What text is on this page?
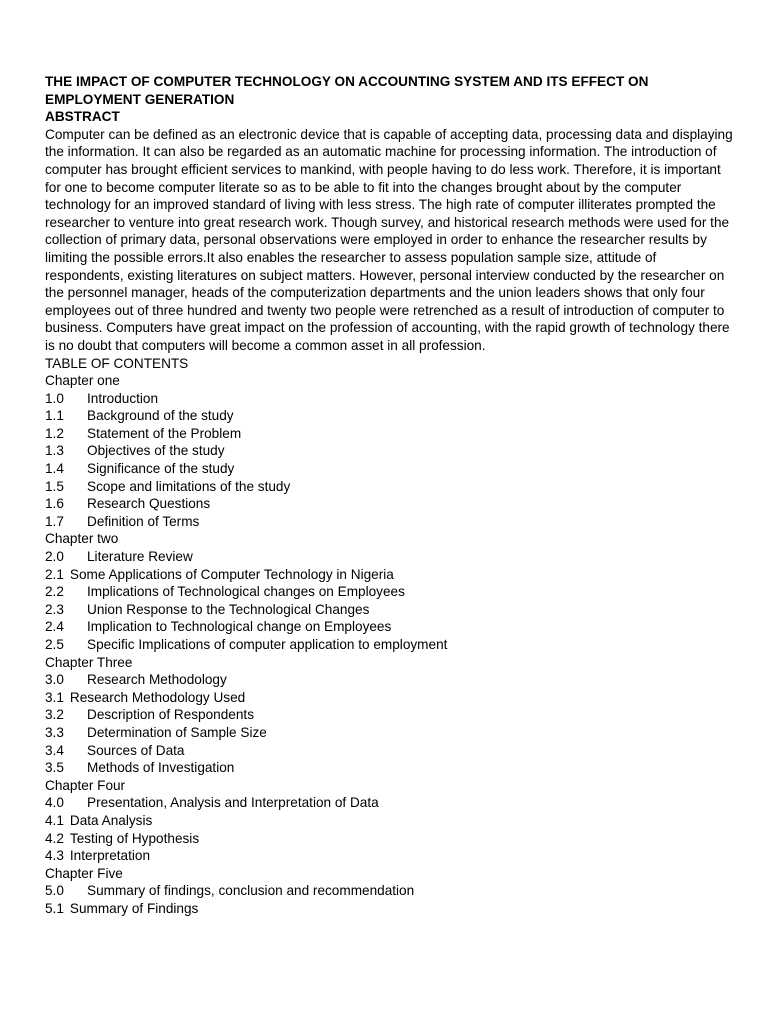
THE IMPACT OF COMPUTER TECHNOLOGY ON ACCOUNTING SYSTEM AND ITS EFFECT ON EMPLOYMENT GENERATION

ABSTRACT

Computer can be defined as an electronic device that is capable of accepting data, processing data and displaying the information. It can also be regarded as an automatic machine for processing information. The introduction of computer has brought efficient services to mankind, with people having to do less work. Therefore, it is important for one to become computer literate so as to be able to fit into the changes brought about by the computer technology for an improved standard of living with less stress. The high rate of computer illiterates prompted the researcher to venture into great research work. Though survey, and historical research methods were used for the collection of primary data, personal observations were employed in order to enhance the researcher results by limiting the possible errors.It also enables the researcher to assess population sample size, attitude of respondents, existing literatures on subject matters. However, personal interview conducted by the researcher on the personnel manager, heads of the computerization departments and the union leaders shows that only four employees out of three hundred and twenty two people were retrenched as a result of introduction of computer to business. Computers have great impact on the profession of accounting, with the rapid growth of technology there is no doubt that computers will become a common asset in all profession.

TABLE OF CONTENTS

Chapter one

1.0	Introduction
1.1	Background of the study
1.2	Statement of the Problem
1.3	Objectives of the study
1.4	Significance of the study
1.5	Scope and limitations of the study
1.6	Research Questions
1.7	Definition of Terms

Chapter two

2.0	Literature Review
2.1 Some Applications of Computer Technology in Nigeria
2.2	Implications of Technological changes on Employees
2.3	Union Response to the Technological Changes
2.4	Implication to Technological change on Employees
2.5	Specific Implications of computer application to employment

Chapter Three

3.0	Research Methodology
3.1 Research Methodology Used
3.2	Description of Respondents
3.3	Determination of Sample Size
3.4	Sources of Data
3.5	Methods of Investigation

Chapter Four

4.0	Presentation, Analysis and Interpretation of Data
4.1 Data Analysis
4.2 Testing of Hypothesis
4.3 Interpretation

Chapter Five

5.0	Summary of findings, conclusion and recommendation
5.1 Summary of Findings
